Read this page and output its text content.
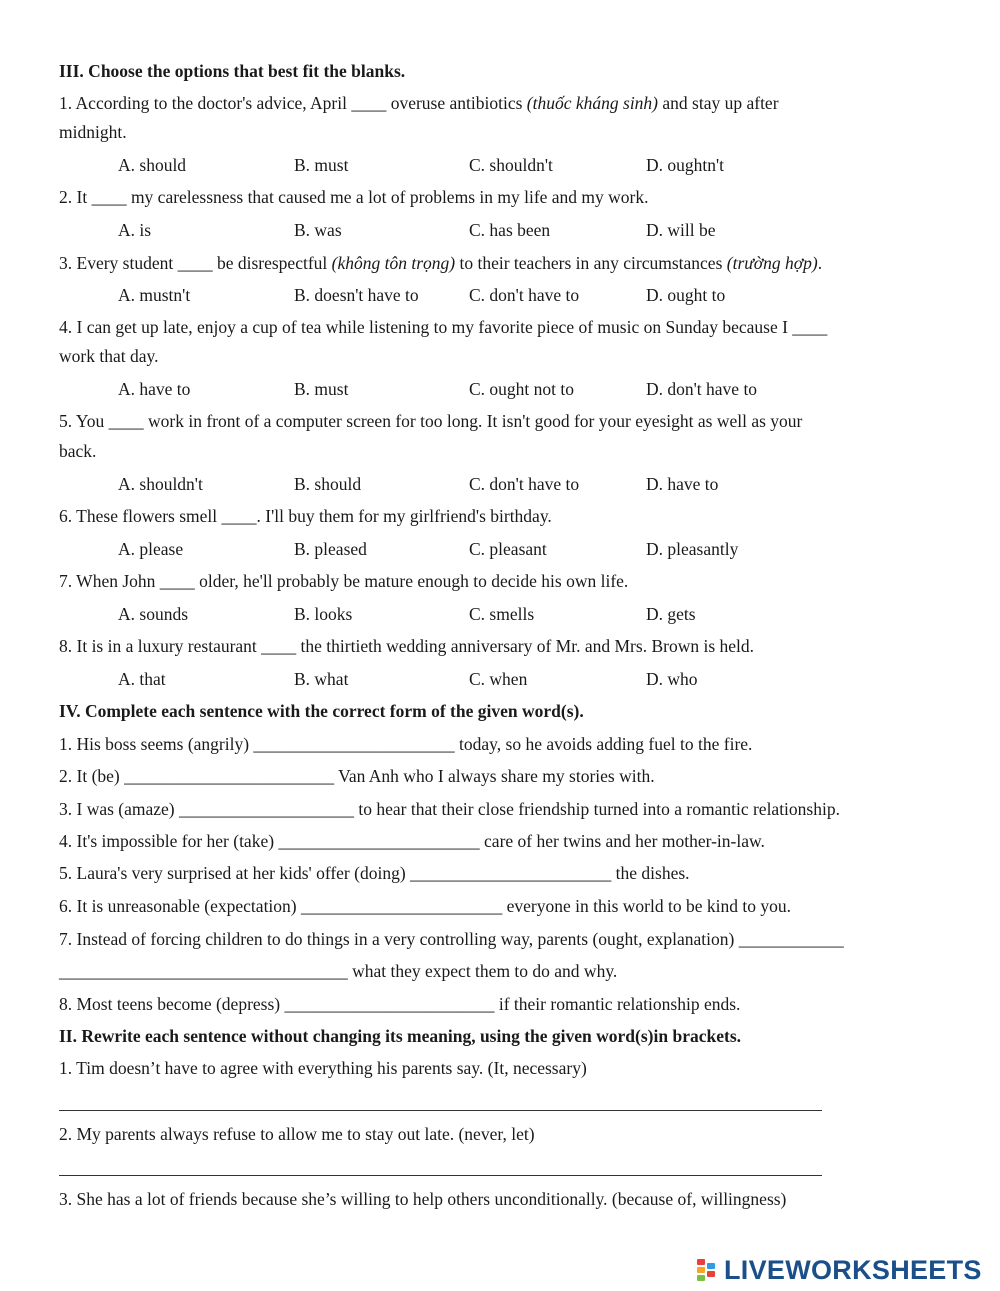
III. Choose the options that best fit the blanks.
1. According to the doctor's advice, April ____ overuse antibiotics (thuốc kháng sinh) and stay up after
midnight.
A. should	B. must	C. shouldn't	D. oughtn't
2. It ____ my carelessness that caused me a lot of problems in my life and my work.
A. is	B. was	C. has been	D. will be
3. Every student ____ be disrespectful (không tôn trọng) to their teachers in any circumstances (trường hợp).
A. mustn't	B. doesn't have to	C. don't have to	D. ought to
4. I can get up late, enjoy a cup of tea while listening to my favorite piece of music on Sunday because I ____
work that day.
A. have to	B. must	C. ought not to	D. don't have to
5. You ____ work in front of a computer screen for too long. It isn't good for your eyesight as well as your
back.
A. shouldn't	B. should	C. don't have to	D. have to
6. These flowers smell ____. I'll buy them for my girlfriend's birthday.
A. please	B. pleased	C. pleasant	D. pleasantly
7. When John ____ older, he'll probably be mature enough to decide his own life.
A. sounds	B. looks	C. smells	D. gets
8. It is in a luxury restaurant ____ the thirtieth wedding anniversary of Mr. and Mrs. Brown is held.
A. that	B. what	C. when	D. who
IV. Complete each sentence with the correct form of the given word(s).
1. His boss seems (angrily) _______________________ today, so he avoids adding fuel to the fire.
2. It (be) ________________________ Van Anh who I always share my stories with.
3. I was (amaze) ____________________ to hear that their close friendship turned into a romantic relationship.
4. It's impossible for her (take) _______________________ care of her twins and her mother-in-law.
5. Laura's very surprised at her kids' offer (doing) _______________________ the dishes.
6. It is unreasonable (expectation) _______________________ everyone in this world to be kind to you.
7. Instead of forcing children to do things in a very controlling way, parents (ought, explanation) ____________
_________________________________ what they expect them to do and why.
8. Most teens become (depress) ________________________ if their romantic relationship ends.
II. Rewrite each sentence without changing its meaning, using the given word(s)in brackets.
1. Tim doesn’t have to agree with everything his parents say. (It, necessary)
2. My parents always refuse to allow me to stay out late. (never, let)
3. She has a lot of friends because she’s willing to help others unconditionally. (because of, willingness)
LIVEWORKSHEETS
